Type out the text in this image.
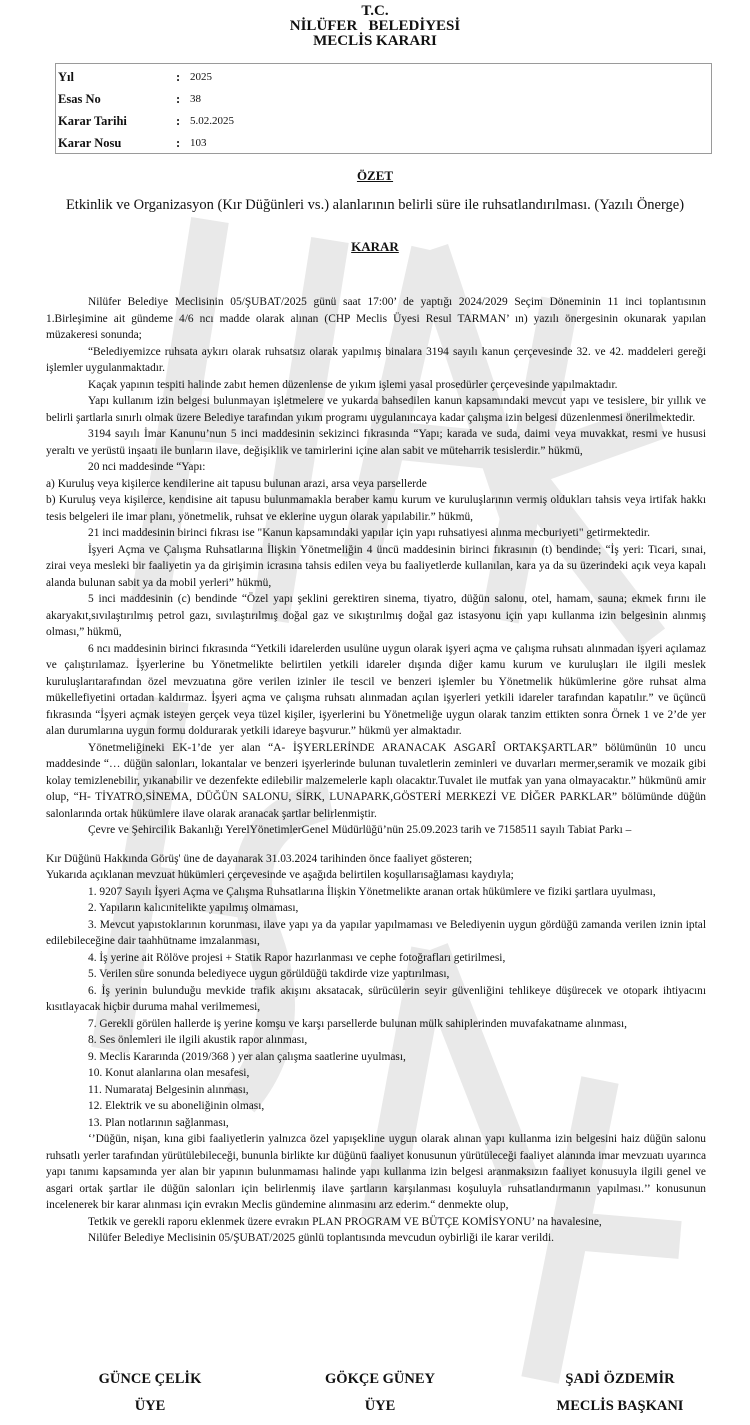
T.C.
NİLÜFER   BELEDİYESİ
MECLİS KARARI
Yıl	: 2025
Esas No	: 38
Karar Tarihi	: 5.02.2025
Karar Nosu	: 103
ÖZET
Etkinlik ve Organizasyon (Kır Düğünleri vs.) alanlarının belirli süre ile ruhsatlandırılması. (Yazılı Önerge)
KARAR

Nilüfer Belediye Meclisinin 05/ŞUBAT/2025 günü saat 17:00’ de yaptığı 2024/2029 Seçim Döneminin 11 inci toplantısının 1.Birleşimine ait gündeme 4/6 ncı madde olarak alınan (CHP Meclis Üyesi Resul TARMAN’ ın) yazılı önergesinin okunarak yapılan müzakeresi sonunda;

“Belediyemizce ruhsata aykırı olarak ruhsatsız olarak yapılmış binalara 3194 sayılı kanun çerçevesinde 32. ve 42. maddeleri gereği işlemler uygulanmaktadır.

Kaçak yapının tespiti halinde zabıt hemen düzenlense de yıkım işlemi yasal prosedürler çerçevesinde yapılmaktadır.

Yapı kullanım izin belgesi bulunmayan işletmelere ve yukarda bahsedilen kanun kapsamındaki mevcut yapı ve tesislere, bir yıllık ve belirli şartlarla sınırlı olmak üzere Belediye tarafından yıkım programı uygulanıncaya kadar çalışma izin belgesi düzenlenmesi önerilmektedir.

3194 sayılı İmar Kanunu’nun 5 inci maddesinin sekizinci fıkrasında “Yapı; karada ve suda, daimi veya muvakkat, resmi ve hususi yeraltı ve yerüstü inşaatı ile bunların ilave, değişiklik ve tamirlerini içine alan sabit ve müteharrik tesislerdir.” hükmü,

20 nci maddesinde “Yapı:

a) Kuruluş veya kişilerce kendilerine ait tapusu bulunan arazi, arsa veya parsellerde

b) Kuruluş veya kişilerce, kendisine ait tapusu bulunmamakla beraber kamu kurum ve kuruluşlarının vermiş oldukları tahsis veya irtifak hakkı tesis belgeleri ile imar planı, yönetmelik, ruhsat ve eklerine uygun olarak yapılabilir.” hükmü,

21 inci maddesinin birinci fıkrası ise "Kanun kapsamındaki yapılar için yapı ruhsatiyesi alınma mecburiyeti" getirmektedir.

İşyeri Açma ve Çalışma Ruhsatlarına İlişkin Yönetmeliğin 4 üncü maddesinin birinci fıkrasının (t) bendinde; “İş yeri: Ticari, sınai, zirai veya mesleki bir faaliyetin ya da girişimin icrasına tahsis edilen veya bu faaliyetlerde kullanılan, kara ya da su üzerindeki açık veya kapalı alanda bulunan sabit ya da mobil yerleri” hükmü,

5 inci maddesinin (c) bendinde “Özel yapı şeklini gerektiren sinema, tiyatro, düğün salonu, otel, hamam, sauna; ekmek fırını ile akaryakıt,sıvılaştırılmış petrol gazı, sıvılaştırılmış doğal gaz ve sıkıştırılmış doğal gaz istasyonu için yapı kullanma izin belgesinin alınmış olması,” hükmü,

6 ncı maddesinin birinci fıkrasında “Yetkili idarelerden usulüne uygun olarak işyeri açma ve çalışma ruhsatı alınmadan işyeri açılamaz ve çalıştırılamaz. İşyerlerine bu Yönetmelikte belirtilen yetkili idareler dışında diğer kamu kurum ve kuruluşları ile ilgili meslek kuruluşlarıtarafından özel mevzuatına göre verilen izinler ile tescil ve benzeri işlemler bu Yönetmelik hükümlerine göre ruhsat alma mükellefiyetini ortadan kaldırmaz. İşyeri açma ve çalışma ruhsatı alınmadan açılan işyerleri yetkili idareler tarafından kapatılır.” ve üçüncü fıkrasında “İşyeri açmak isteyen gerçek veya tüzel kişiler, işyerlerini bu Yönetmeliğe uygun olarak tanzim ettikten sonra Örnek 1 ve 2’de yer alan durumlarına uygun formu doldurarak yetkili idareye başvurur.” hükmü yer almaktadır.

Yönetmeliğineki EK-1’de yer alan “A- İŞYERLERİNDE ARANACAK ASGARÎ ORTAKŞARTLAR” bölümünün 10 uncu maddesinde “… düğün salonları, lokantalar ve benzeri işyerlerinde bulunan tuvaletlerin zeminleri ve duvarları mermer,seramik ve mozaik gibi kolay temizlenebilir, yıkanabilir ve dezenfekte edilebilir malzemelerle kaplı olacaktır.Tuvalet ile mutfak yan yana olmayacaktır.” hükmünü amir olup, “H- TİYATRO,SİNEMA, DÜĞÜN SALONU, SİRK, LUNAPARK,GÖSTERİ MERKEZİ VE DİĞER PARKLAR” bölümünde düğün salonlarında ortak hükümlere ilave olarak aranacak şartlar belirlenmiştir.

Çevre ve Şehircilik Bakanlığı YerelYönetimlerGenel Müdürlüğü’nün 25.09.2023 tarih ve 7158511 sayılı Tabiat Parkı –

Kır Düğünü Hakkında Görüş' üne de dayanarak 31.03.2024 tarihinden önce faaliyet gösteren;

Yukarıda açıklanan mevzuat hükümleri çerçevesinde ve aşağıda belirtilen koşullarısağlaması kaydıyla;

1. 9207 Sayılı İşyeri Açma ve Çalışma Ruhsatlarına İlişkin Yönetmelikte aranan ortak hükümlere ve fiziki şartlara uyulması,

2. Yapıların kalıcınitelikte yapılmış olmaması,

3. Mevcut yapıstoklarının korunması, ilave yapı ya da yapılar yapılmaması ve Belediyenin uygun gördüğü zamanda verilen iznin iptal edilebileceğine dair taahhütname imzalanması,

4. İş yerine ait Rölöve projesi + Statik Rapor hazırlanması ve cephe fotoğrafları getirilmesi,

5. Verilen süre sonunda belediyece uygun görüldüğü takdirde vize yaptırılması,

6. İş yerinin bulunduğu mevkide trafik akışını aksatacak, sürücülerin seyir güvenliğini tehlikeye düşürecek ve otopark ihtiyacını kısıtlayacak hiçbir duruma mahal verilmemesi,

7. Gerekli görülen hallerde iş yerine komşu ve karşı parsellerde bulunan mülk sahiplerinden muvafakatname alınması,

8. Ses önlemleri ile ilgili akustik rapor alınması,

9. Meclis Kararında (2019/368 ) yer alan çalışma saatlerine uyulması,

10. Konut alanlarına olan mesafesi,

11. Numarataj Belgesinin alınması,

12. Elektrik ve su aboneliğinin olması,

13. Plan notlarının sağlanması,

‘’Düğün, nişan, kına gibi faaliyetlerin yalnızca özel yapışekline uygun olarak alınan yapı kullanma izin belgesini haiz düğün salonu ruhsatlı yerler tarafından yürütülebileceği, bununla birlikte kır düğünü faaliyet konusunun yürütüleceği faaliyet alanında imar mevzuatı uyarınca yapı tanımı kapsamında yer alan bir yapının bulunmaması halinde yapı kullanma izin belgesi aranmaksızın faaliyet konusuyla ilgili genel ve asgari ortak şartlar ile düğün salonları için belirlenmiş ilave şartların karşılanması koşuluyla ruhsatlandırmanın yapılması.’’ konusunun incelenerek bir karar alınması için evrakın Meclis gündemine alınmasını arz ederim.“ denmekte olup,

Tetkik ve gerekli raporu eklenmek üzere evrakın PLAN PROGRAM VE BÜTÇE KOMİSYONU’ na havalesine,

Nilüfer Belediye Meclisinin 05/ŞUBAT/2025 günlü toplantısında mevcudun oybirliği ile karar verildi.

GÜNCE ÇELİK
ÜYE
GÖKÇE GÜNEY
ÜYE
ŞADİ ÖZDEMİR
MECLİS BAŞKANI
